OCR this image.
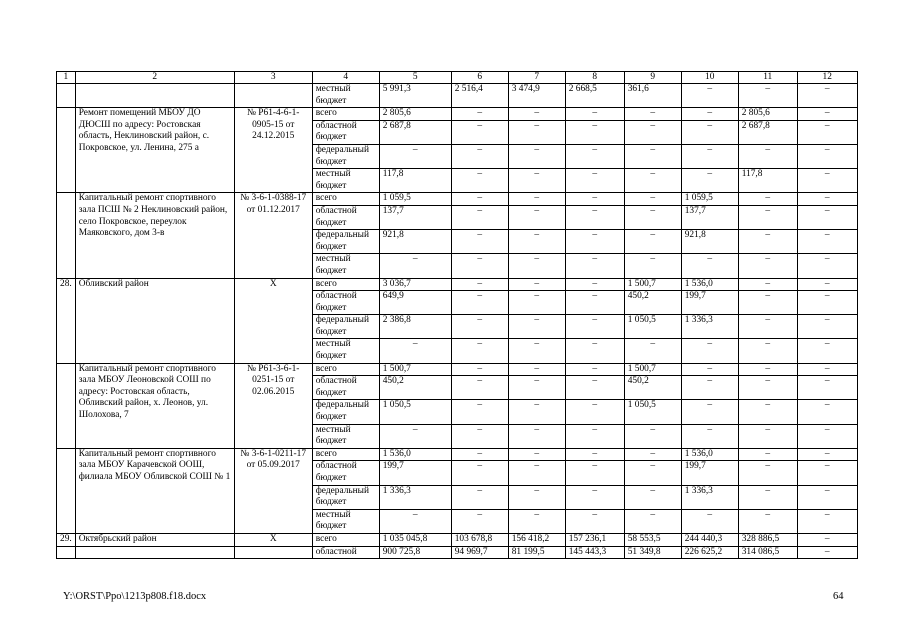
1	2	3	4	5	6	7	8	9	10	11	12
			местный бюджет	5 991,3	2 516,4	3 474,9	2 668,5	361,6	–	–	–
	Ремонт помещений МБОУ ДО ДЮСШ по адресу: Ростовская область, Неклиновский район, с. Покровское, ул. Ленина, 275 а	№ Р61-4-6-1-0905-15 от 24.12.2015	всего	2 805,6	–	–	–	–	–	2 805,6	–
			областной бюджет	2 687,8	–	–	–	–	–	2 687,8	–
			федеральный бюджет	–	–	–	–	–	–	–	–
			местный бюджет	117,8	–	–	–	–	–	117,8	–
	Капитальный ремонт спортивного зала ПСШ № 2 Неклиновский район, село Покровское, переулок Маяковского, дом 3-в	№ 3-6-1-0388-17 от 01.12.2017	всего	1 059,5	–	–	–	–	1 059,5	–	–
			областной бюджет	137,7	–	–	–	–	137,7	–	–
			федеральный бюджет	921,8	–	–	–	–	921,8	–	–
			местный бюджет	–	–	–	–	–	–	–	–
28.	Обливский район	Х	всего	3 036,7	–	–	–	1 500,7	1 536,0	–	–
			областной бюджет	649,9	–	–	–	450,2	199,7	–	–
			федеральный бюджет	2 386,8	–	–	–	1 050,5	1 336,3	–	–
			местный бюджет	–	–	–	–	–	–	–	–
	Капитальный ремонт спортивного зала МБОУ Леоновской СОШ по адресу: Ростовская область, Обливский район, х. Леонов, ул. Шолохова, 7	№ Р61-3-6-1-0251-15 от 02.06.2015	всего	1 500,7	–	–	–	1 500,7	–	–	–
			областной бюджет	450,2	–	–	–	450,2	–	–	–
			федеральный бюджет	1 050,5	–	–	–	1 050,5	–	–	–
			местный бюджет	–	–	–	–	–	–	–	–
	Капитальный ремонт спортивного зала МБОУ Карачевской ООШ, филиала МБОУ Обливской СОШ № 1	№ 3-6-1-0211-17 от 05.09.2017	всего	1 536,0	–	–	–	–	1 536,0	–	–
			областной бюджет	199,7	–	–	–	–	199,7	–	–
			федеральный бюджет	1 336,3	–	–	–	–	1 336,3	–	–
			местный бюджет	–	–	–	–	–	–	–	–
29.	Октябрьский район	Х	всего	1 035 045,8	103 678,8	156 418,2	157 236,1	58 553,5	244 440,3	328 886,5	–
			областной	900 725,8	94 969,7	81 199,5	145 443,3	51 349,8	226 625,2	314 086,5	–
Y:\ORST\Ppo\1213p808.f18.docx	64
